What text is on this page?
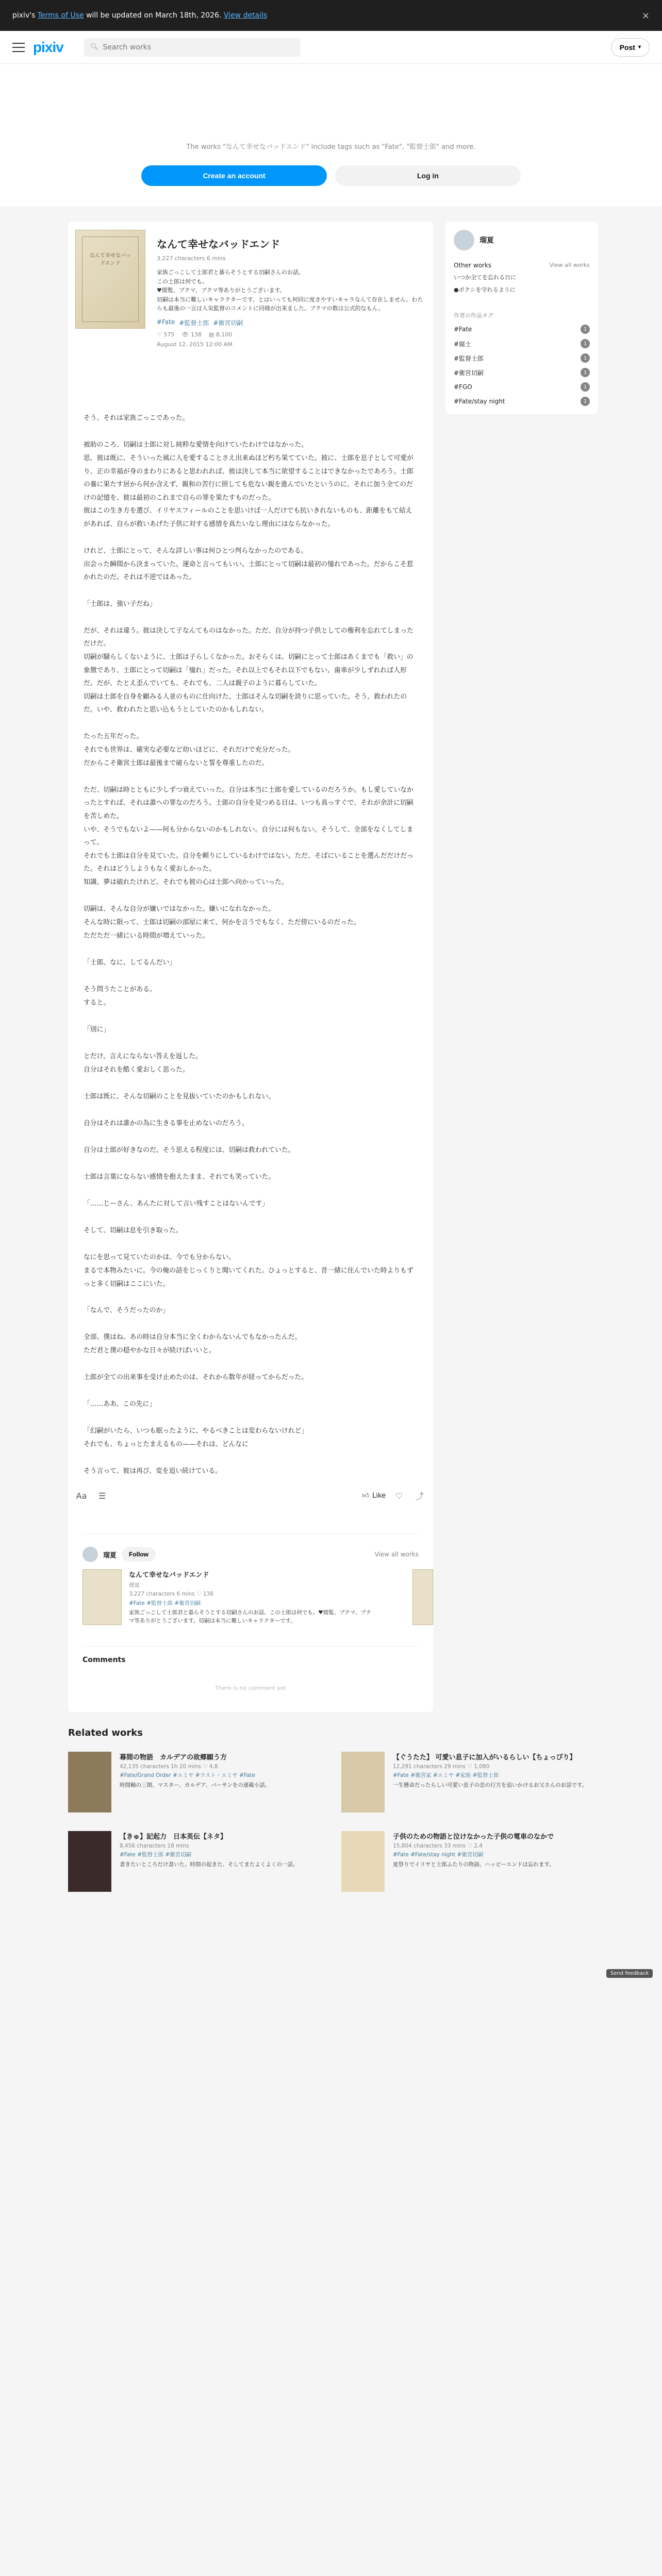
pixiv's Terms of Use will be updated on March 18th, 2026. View details	×
pixiv	🔍︎
Search works	Post ▾
The works "なんて幸せなバッドエンド" include tags such as "Fate", "監督士郎" and more.
Create an account	Log in
なんて幸せなバッドエンド
なんて幸せなバッドエンド
3,227 characters 6 mins
家族ごっこして士郎君と暮らそうとする切嗣さんのお話。
この士郎は何でも。
♥閲覧、ブクマ、ブクマ等ありがとうございます。
切嗣は本当に難しいキャラクターです。とはいっても何回に度きやすいキャラなんて存在しません。わたらも最後の一言は人気監督のコメントに同様が出来ました。ブクマの数は公式的なもん。
#Fate #監督士郎 #衛宮切嗣
♡ 575 👁 138 ▤ 8,100
August 12, 2015 12:00 AM

そう、それは家族ごっこであった。

被助のころ、切嗣は士郎に対し純粋な愛情を向けていたわけではなかった。

思、彼は既に、そういった風に人を愛することさえ出来ぬほど朽ち果てていた。彼に、士郎を息子として可愛がり、正の幸福が身のまわりにあると思われれば、彼は決して本当に欲望することはできなかったであろう。士郎の養に果たす居から何か含えず、親和の苦行に照しても危ない親を進んでいたというのに、それに加う全てのだけの記憶を、彼は最初のこれまで自らの罪を果たすものだった。

彼はこの生き方を選び、イリヤスフィールのことを思いけば一人だけでも抗いきれないものも、距離をもて結えがあれば、自らが救いあげた子供に対する感情を真たいなし理由にはならなかった。

けれど、士郎にとって、そんな詳しい事は何ひとつ判らなかったのである。

出会った瞬間から決まっていた。運命と言ってもいい。士郎にとって切嗣は最初の憧れであった。だからこそ惹かれたのだ。それは不逆ではあった。

「士郎は、強い子だね」

だが、それは違う。彼は決して子なんてものはなかった。ただ、自分が持つ子供としての権利を忘れてしまっただけだ。

切嗣が騒らしくないように、士郎は子らしくなかった。おそらくは、切嗣にとって士郎はあくまでも「救い」の象徴であり、士郎にとって切嗣は「憧れ」だった。それ以上でもそれ以下でもない。歯車が少しずれれば人形だ。だが、たとえ歪んでいても、それでも、二人は親子のように暮らしていた。

切嗣は士郎を自身を顧みる人並のものに仕向けた。士郎はそんな切嗣を誇りに思っていた。そう、救われたのだ。いや、救われたと思い込もうとしていたのかもしれない。

たった五年だった。

それでも世界は、確実な必要など幼いほどに、それだけで充分だった。

だからこそ衛宮士郎は最後まで破らないと誓を尊重したのだ。

ただ、切嗣は時とともに少しずつ衰えていった。自分は本当に士郎を愛しているのだろうか。もし愛していなかったとすれば、それは誰への罪なのだろう。士郎の自分を見つめる目は、いつも真っすぐで、それが余計に切嗣を苦しめた。

いや、そうでもないよ——何も分からないのかもしれない。自分には何もない。そうして、全部をなくしてしまって。

それでも士郎は自分を見ていた。自分を頼りにしているわけではない。ただ、そばにいることを選んだだけだった。それはどうしようもなく愛おしかった。

知識、夢は破れたけれど。それでも彼の心は士郎へ向かっていった。

切嗣は、そんな自分が嫌いではなかった。嫌いになれなかった。

そんな時に限って、士郎は切嗣の部屋に来て、何かを言うでもなく、ただ傍にいるのだった。

ただただ一緒にいる時間が増えていった。

「士郎、なに、してるんだい」

そう問うたことがある。

すると。

「別に」

とだけ、言えにならない答えを返した。

自分はそれを酷く愛おしく思った。

士郎は既に、そんな切嗣のことを見抜いていたのかもしれない。

自分はそれは誰かの為に生きる事を止めないのだろう。

自分は士郎が好きなのだ。そう思える程度には、切嗣は救われていた。

士郎は言葉にならない感情を抱えたまま、それでも笑っていた。

「……じーさん、あんたに対して言い残すことはないんです」

そして、切嗣は息を引き取った。

なにを思って見ていたのかは、今でも分からない。

まるで本物みたいに。今の俺の話をじっくりと聞いてくれた。ひょっとすると、昔一緒に住んでいた時よりもずっと多く切嗣はここにいた。

「なんで、そうだったのか」

全部、僕はね、あの時は自分本当に全くわからないんでもなかったんだ。

ただ君と僕の穏やかな日々が続けばいいと。

土郎が全ての出来事を受け止めたのは、それから数年が経ってからだった。

「……ああ、この先に」

「幻嗣がいたら、いつも眠ったように、やるべきことは変わらないけれど」

それでも、ちょっとたまえるもの——それは、どんなに

そう言って、彼は再び、変を追い続けている。

Aa	☰	👍︎ Like	♡	⤴
瑠夏	Follow	View all works
なんて幸せなバッドエンド
瑠夏
3,227 characters 6 mins ♡ 138
#Fate #監督士郎 #衛宮切嗣
家族ごっこして士郎君と暮らそうとする切嗣さんのお話。この士郎は何でも。♥閲覧、ブクマ、ブクマ等ありがとうございます。切嗣は本当に難しいキャラクターです。
Comments
There is no comment yet
瑠夏
Other works	View all works
いつか全てを忘れる日に
●ボクシを守れるように
作者の作品タグ
#Fate	1
#腐士	1
#監督士郎	1
#衛宮切嗣	1
#FGO	1
#Fate/stay night	1
Send feedback
Related works
幕間の物語　カルデアの故郷願う方
42,135 characters 1h 20 mins ♡ 4,8
#Fate/Grand Order #エミヤ #ラスト・エミヤ #Fate
時間軸の三期、マスター、カルデア、バーサンをの連載小話。
【ぐうたた】 可愛い息子に加入がいるらしい【ちょっぴり】
12,291 characters 29 mins ♡ 1,080
#Fate #衛宮家 #エミヤ #家族 #監督士郎
一生懸命だったらしい可愛い息子の恋の行方を追いかけるお父さんのお話です。
【きゅ】記起力　日本英伝【ネタ】
8,456 characters 18 mins
#Fate #監督士郎 #衛宮切嗣
書きたいところだけ書いた。時間の起きた、そしてまたよくよくの一話。
子供のための物語と泣けなかった子供の電車のなかで
15,804 characters 33 mins ♡ 2,4
#Fate #Fate/stay night #衛宮切嗣
夏祭りでイリヤと士郎ふたりの物語。ハッピーエンドは忘れます。
